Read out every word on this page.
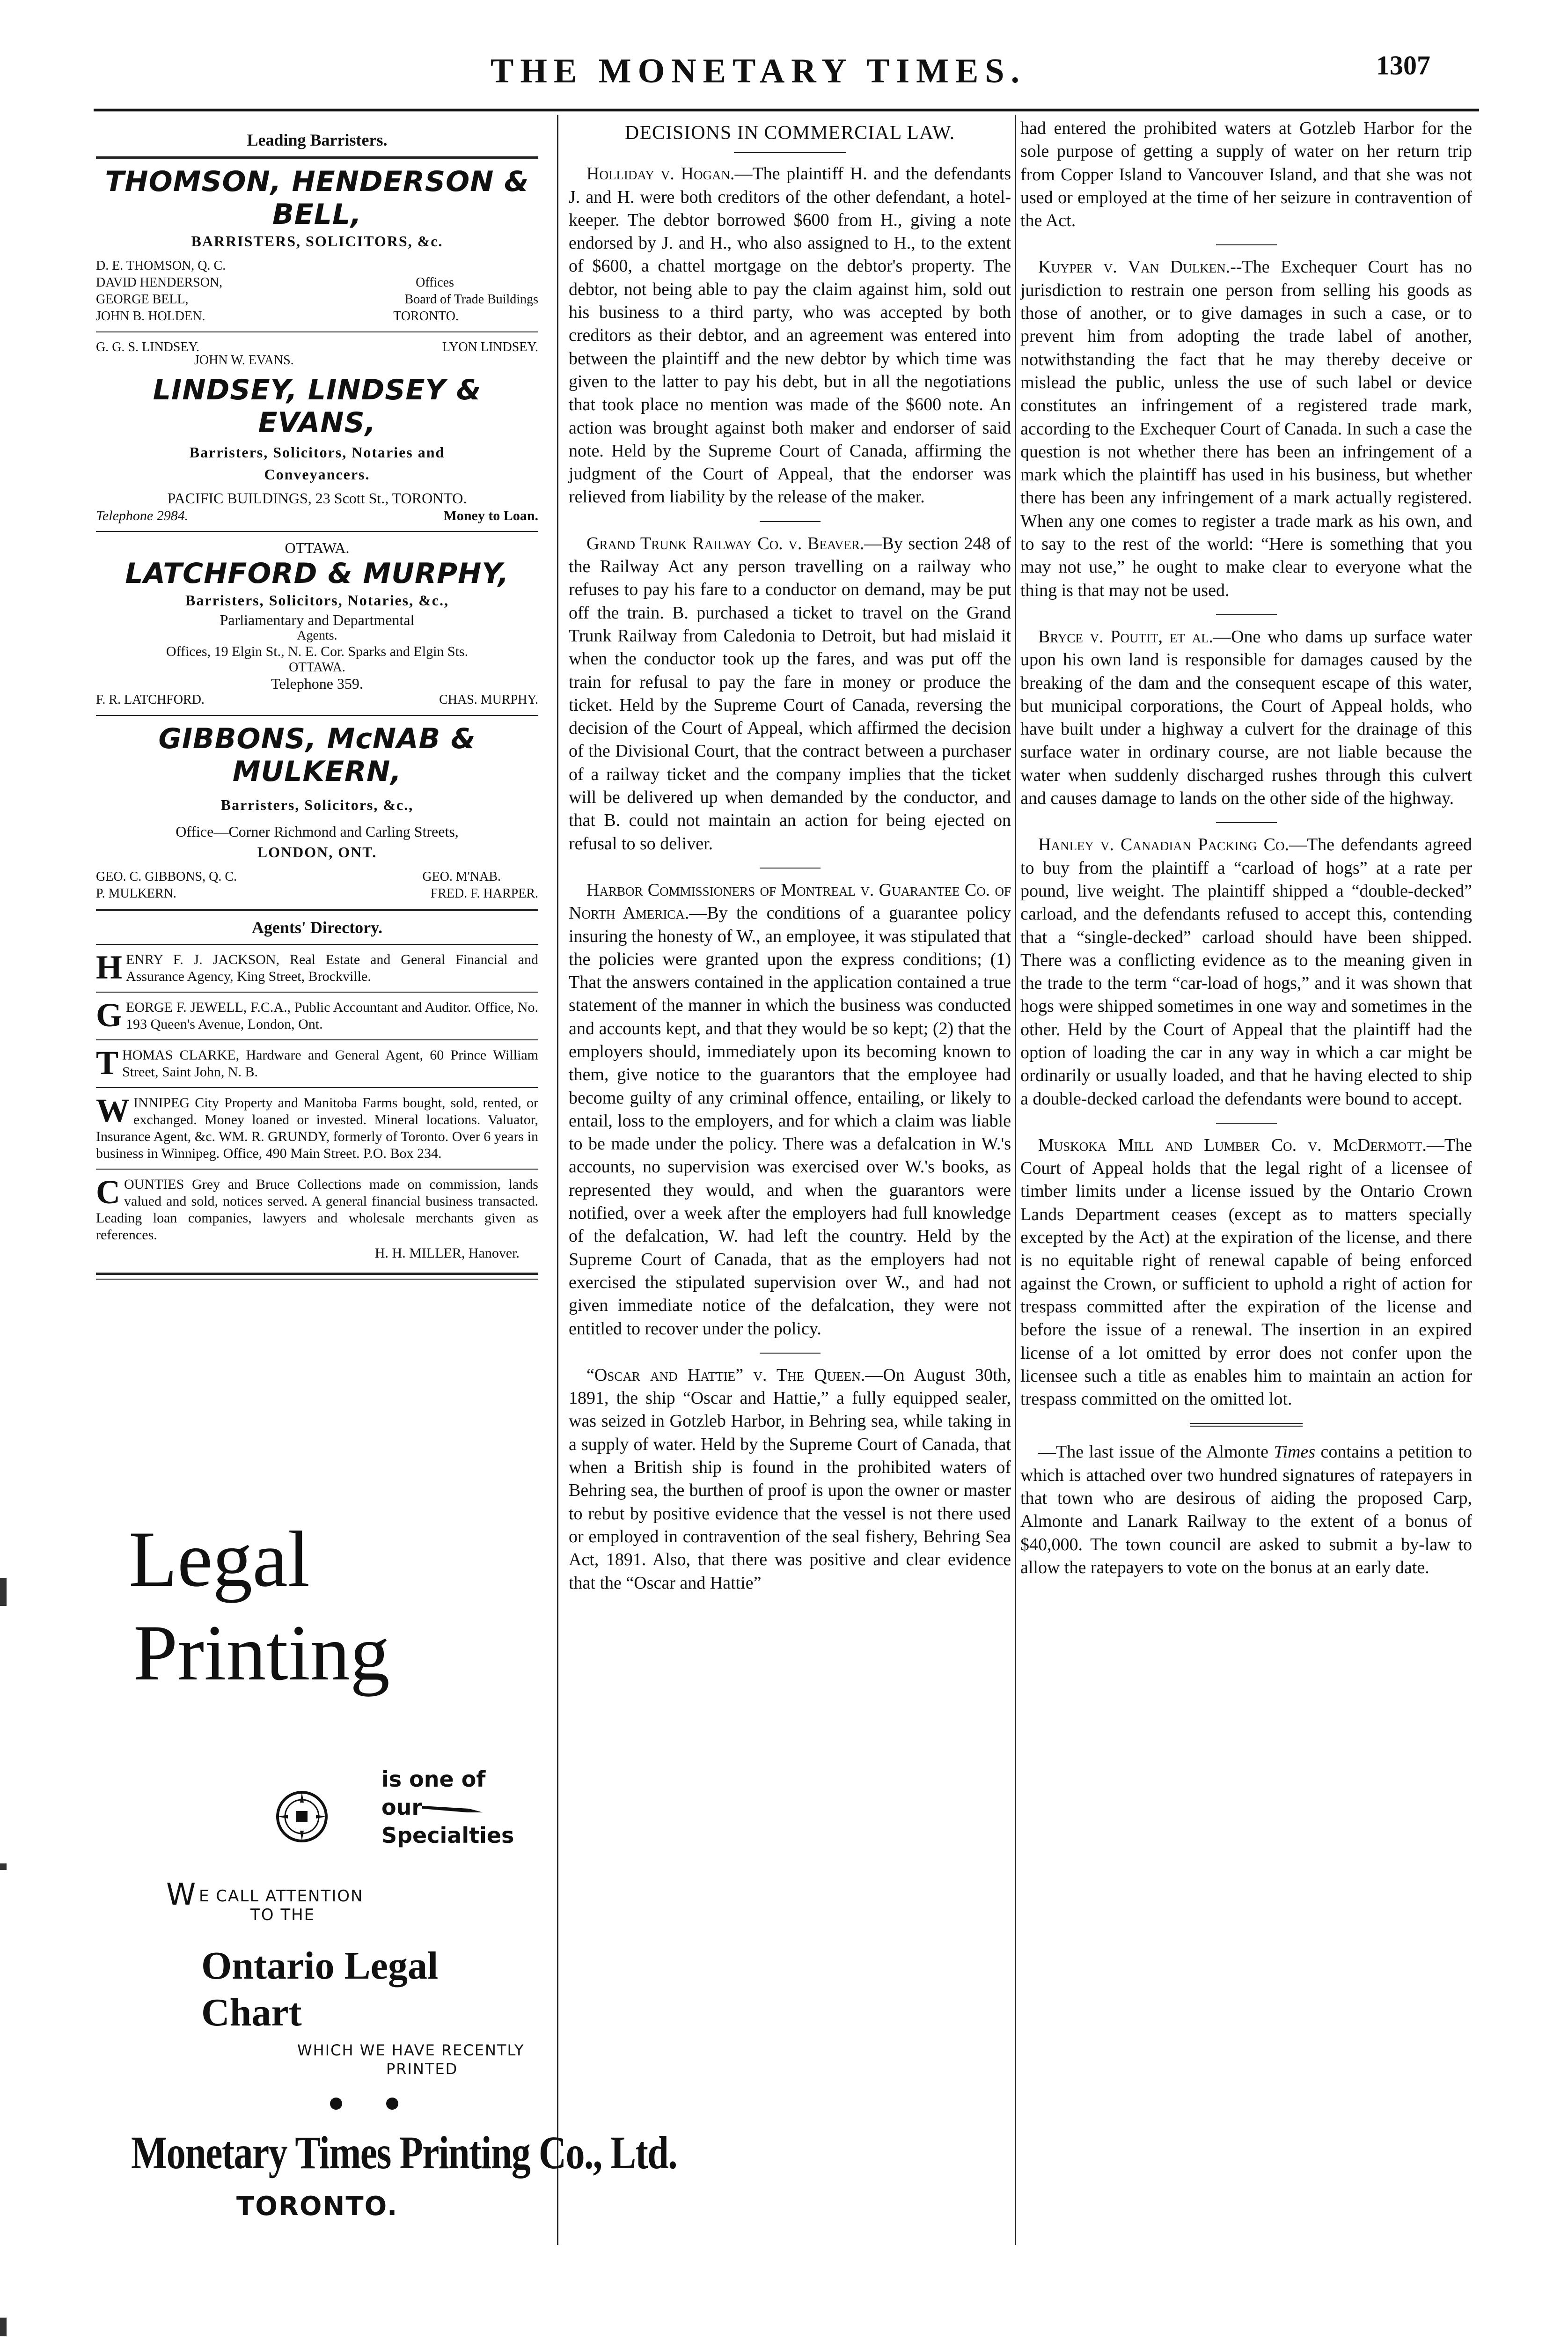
THE MONETARY TIMES.	1307
Leading Barristers.
THOMSON, HENDERSON & BELL,
BARRISTERS, SOLICITORS, &c.
D. E. THOMSON, Q. C.
DAVID HENDERSON,	Offices
GEORGE BELL,	Board of Trade Buildings
JOHN B. HOLDEN.	TORONTO.
G. G. S. LINDSEY.	LYON LINDSEY.
JOHN W. EVANS.
LINDSEY, LINDSEY & EVANS,
Barristers, Solicitors, Notaries and
Conveyancers.
PACIFIC BUILDINGS, 23 Scott St., TORONTO.
Telephone 2984.	Money to Loan.
OTTAWA.
LATCHFORD & MURPHY,
Barristers, Solicitors, Notaries, &c.,
Parliamentary and Departmental
Agents.
Offices, 19 Elgin St., N. E. Cor. Sparks and Elgin Sts.
OTTAWA.
Telephone 359.
F. R. LATCHFORD.	CHAS. MURPHY.
GIBBONS, McNAB & MULKERN,
Barristers, Solicitors, &c.,
Office—Corner Richmond and Carling Streets,
LONDON, ONT.
GEO. C. GIBBONS, Q. C.	GEO. M'NAB.
P. MULKERN.	FRED. F. HARPER.
Agents' Directory.
HENRY F. J. JACKSON, Real Estate and General Financial and Assurance Agency, King Street, Brockville.
GEORGE F. JEWELL, F.C.A., Public Accountant and Auditor. Office, No. 193 Queen's Avenue, London, Ont.
THOMAS CLARKE, Hardware and General Agent, 60 Prince William Street, Saint John, N. B.
WINNIPEG City Property and Manitoba Farms bought, sold, rented, or exchanged. Money loaned or invested. Mineral locations. Valuator, Insurance Agent, &c. WM. R. GRUNDY, formerly of Toronto. Over 6 years in business in Winnipeg. Office, 490 Main Street. P.O. Box 234.
COUNTIES Grey and Bruce Collections made on commission, lands valued and sold, notices served. A general financial business transacted. Leading loan companies, lawyers and wholesale merchants given as references.
H. H. MILLER, Hanover.
Legal
Printing
is one of
our
Specialties
W E CALL ATTENTION
TO THE
Ontario Legal
Chart
WHICH WE HAVE RECENTLY
PRINTED
Monetary Times Printing Co., Ltd.
TORONTO.
DECISIONS IN COMMERCIAL LAW.

Holliday v. Hogan.—The plaintiff H. and the defendants J. and H. were both creditors of the other defendant, a hotel-keeper. The debtor borrowed $600 from H., giving a note endorsed by J. and H., who also assigned to H., to the extent of $600, a chattel mortgage on the debtor's property. The debtor, not being able to pay the claim against him, sold out his business to a third party, who was accepted by both creditors as their debtor, and an agreement was entered into between the plaintiff and the new debtor by which time was given to the latter to pay his debt, but in all the negotiations that took place no mention was made of the $600 note. An action was brought against both maker and endorser of said note. Held by the Supreme Court of Canada, affirming the judgment of the Court of Appeal, that the endorser was relieved from liability by the release of the maker.

Grand Trunk Railway Co. v. Beaver.—By section 248 of the Railway Act any person travelling on a railway who refuses to pay his fare to a conductor on demand, may be put off the train. B. purchased a ticket to travel on the Grand Trunk Railway from Caledonia to Detroit, but had mislaid it when the conductor took up the fares, and was put off the train for refusal to pay the fare in money or produce the ticket. Held by the Supreme Court of Canada, reversing the decision of the Court of Appeal, which affirmed the decision of the Divisional Court, that the contract between a purchaser of a railway ticket and the company implies that the ticket will be delivered up when demanded by the conductor, and that B. could not maintain an action for being ejected on refusal to so deliver.

Harbor Commissioners of Montreal v. Guarantee Co. of North America.—By the conditions of a guarantee policy insuring the honesty of W., an employee, it was stipulated that the policies were granted upon the express conditions; (1) That the answers contained in the application contained a true statement of the manner in which the business was conducted and accounts kept, and that they would be so kept; (2) that the employers should, immediately upon its becoming known to them, give notice to the guarantors that the employee had become guilty of any criminal offence, entailing, or likely to entail, loss to the employers, and for which a claim was liable to be made under the policy. There was a defalcation in W.'s accounts, no supervision was exercised over W.'s books, as represented they would, and when the guarantors were notified, over a week after the employers had full knowledge of the defalcation, W. had left the country. Held by the Supreme Court of Canada, that as the employers had not exercised the stipulated supervision over W., and had not given immediate notice of the defalcation, they were not entitled to recover under the policy.

“Oscar and Hattie” v. The Queen.—On August 30th, 1891, the ship “Oscar and Hattie,” a fully equipped sealer, was seized in Gotzleb Harbor, in Behring sea, while taking in a supply of water. Held by the Supreme Court of Canada, that when a British ship is found in the prohibited waters of Behring sea, the burthen of proof is upon the owner or master to rebut by positive evidence that the vessel is not there used or employed in contravention of the seal fishery, Behring Sea Act, 1891. Also, that there was positive and clear evidence that the “Oscar and Hattie”

had entered the prohibited waters at Gotzleb Harbor for the sole purpose of getting a supply of water on her return trip from Copper Island to Vancouver Island, and that she was not used or employed at the time of her seizure in contravention of the Act.

Kuyper v. Van Dulken.--The Exchequer Court has no jurisdiction to restrain one person from selling his goods as those of another, or to give damages in such a case, or to prevent him from adopting the trade label of another, notwithstanding the fact that he may thereby deceive or mislead the public, unless the use of such label or device constitutes an infringement of a registered trade mark, according to the Exchequer Court of Canada. In such a case the question is not whether there has been an infringement of a mark which the plaintiff has used in his business, but whether there has been any infringement of a mark actually registered. When any one comes to register a trade mark as his own, and to say to the rest of the world: “Here is something that you may not use,” he ought to make clear to everyone what the thing is that may not be used.

Bryce v. Poutit, et al.—One who dams up surface water upon his own land is responsible for damages caused by the breaking of the dam and the consequent escape of this water, but municipal corporations, the Court of Appeal holds, who have built under a highway a culvert for the drainage of this surface water in ordinary course, are not liable because the water when suddenly discharged rushes through this culvert and causes damage to lands on the other side of the highway.

Hanley v. Canadian Packing Co.—The defendants agreed to buy from the plaintiff a “carload of hogs” at a rate per pound, live weight. The plaintiff shipped a “double-decked” carload, and the defendants refused to accept this, contending that a “single-decked” carload should have been shipped. There was a conflicting evidence as to the meaning given in the trade to the term “car-load of hogs,” and it was shown that hogs were shipped sometimes in one way and sometimes in the other. Held by the Court of Appeal that the plaintiff had the option of loading the car in any way in which a car might be ordinarily or usually loaded, and that he having elected to ship a double-decked carload the defendants were bound to accept.

Muskoka Mill and Lumber Co. v. McDermott.—The Court of Appeal holds that the legal right of a licensee of timber limits under a license issued by the Ontario Crown Lands Department ceases (except as to matters specially excepted by the Act) at the expiration of the license, and there is no equitable right of renewal capable of being enforced against the Crown, or sufficient to uphold a right of action for trespass committed after the expiration of the license and before the issue of a renewal. The insertion in an expired license of a lot omitted by error does not confer upon the licensee such a title as enables him to maintain an action for trespass committed on the omitted lot.

—The last issue of the Almonte Times contains a petition to which is attached over two hundred signatures of ratepayers in that town who are desirous of aiding the proposed Carp, Almonte and Lanark Railway to the extent of a bonus of $40,000. The town council are asked to submit a by-law to allow the ratepayers to vote on the bonus at an early date.
